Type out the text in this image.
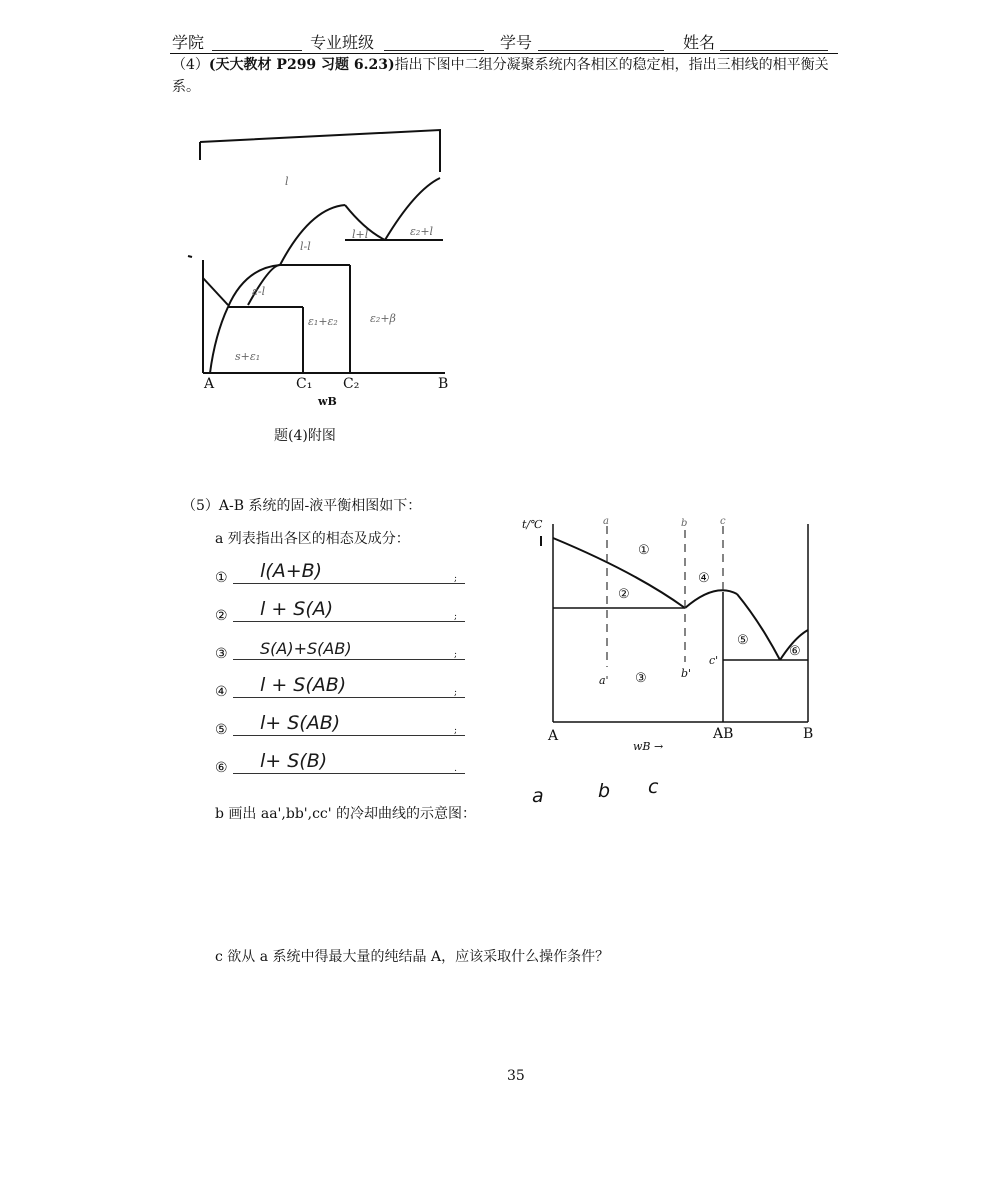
学院	专业班级	学号	姓名
（4）(天大教材 P299 习题 6.23)指出下图中二组分凝聚系统内各相区的稳定相，指出三相线的相平衡关系。
l
l-l
l+l
s+ε₁
ε₁+ε₂	ε₂+β
ε-l
ε₂+l
A	C₁ C₂	B
wB
题(4)附图
（5）A-B 系统的固-液平衡相图如下：
a 列表指出各区的相态及成分：
① l(A+B)	;
② l + S(A)	;
③ S(A)+S(AB)	;
④ l + S(AB)	;
⑤ l+ S(AB)	;
⑥ l+ S(B)	.
b 画出 aa',bb',cc' 的冷却曲线的示意图：
a	b c
t/℃	a	b	c
a'
b'
c'
①
②
③
④
⑤
⑥
A	AB	B
wB →
c 欲从 a 系统中得最大量的纯结晶 A，应该采取什么操作条件？
35
